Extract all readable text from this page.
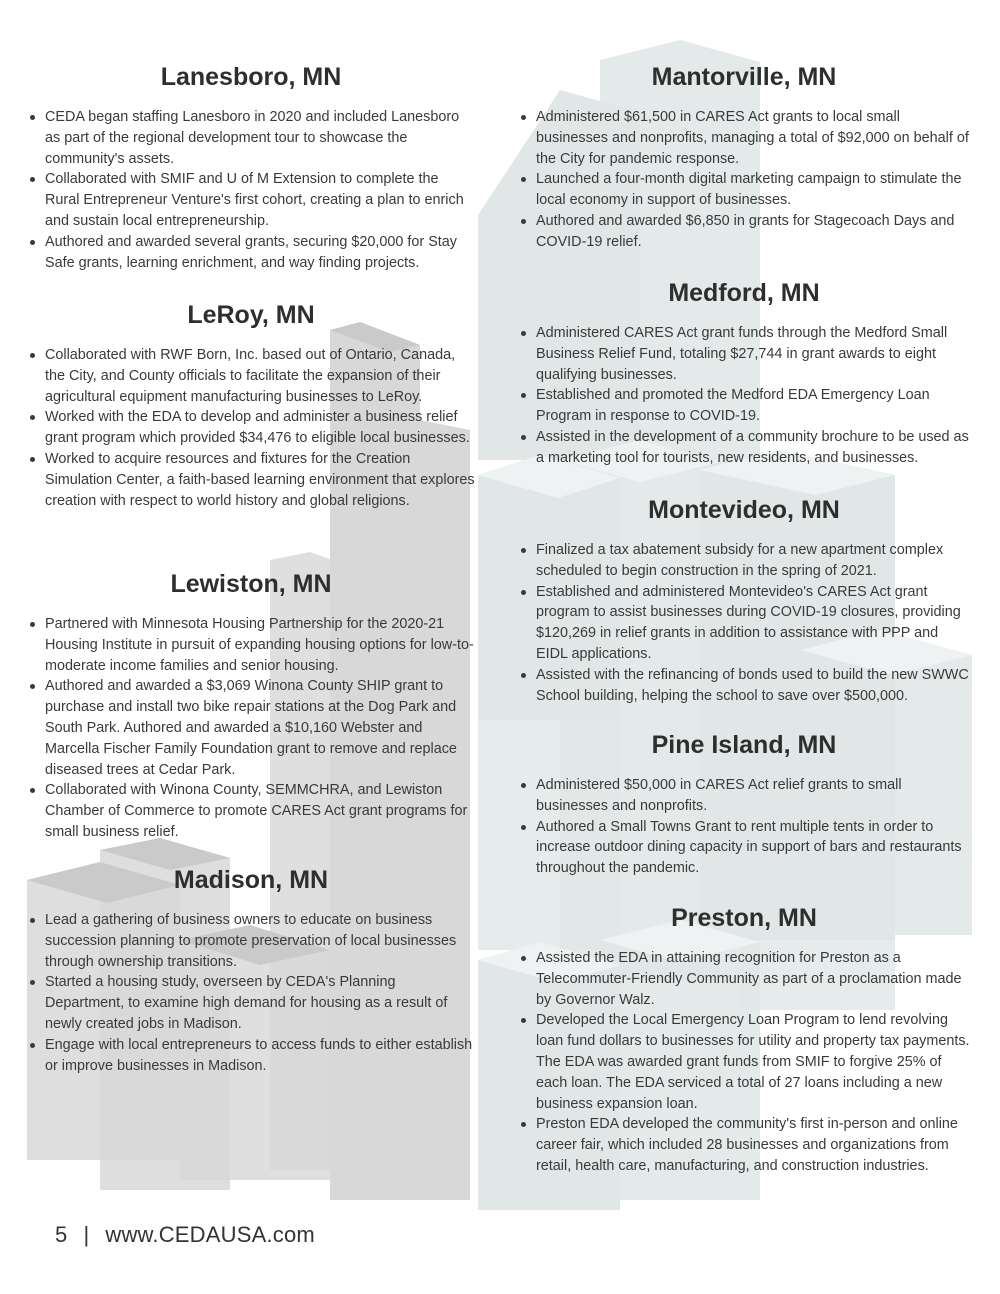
Lanesboro, MN
CEDA began staffing Lanesboro in 2020 and included Lanesboro as part of the regional development tour to showcase the community's assets.
Collaborated with SMIF and U of M Extension to complete the Rural Entrepreneur Venture's first cohort, creating a plan to enrich and sustain local entrepreneurship.
Authored and awarded several grants, securing $20,000 for Stay Safe grants, learning enrichment, and way finding projects.
LeRoy, MN
Collaborated with RWF Born, Inc. based out of Ontario, Canada, the City, and County officials to facilitate the expansion of their agricultural equipment manufacturing businesses to LeRoy.
Worked with the EDA to develop and administer a business relief grant program which provided $34,476 to eligible local businesses.
Worked to acquire resources and fixtures for the Creation Simulation Center, a faith-based learning environment that explores creation with respect to world history and global religions.
Lewiston, MN
Partnered with Minnesota Housing Partnership for the 2020-21 Housing Institute in pursuit of expanding housing options for low-to-moderate income families and senior housing.
Authored and awarded a $3,069 Winona County SHIP grant to purchase and install two bike repair stations at the Dog Park and South Park. Authored and awarded a $10,160 Webster and Marcella Fischer Family Foundation grant to remove and replace diseased trees at Cedar Park.
Collaborated with Winona County, SEMMCHRA, and Lewiston Chamber of Commerce to promote CARES Act grant programs for small business relief.
Madison, MN
Lead a gathering of business owners to educate on business succession planning to promote preservation of local businesses through ownership transitions.
Started a housing study, overseen by CEDA's Planning Department, to examine high demand for housing as a result of newly created jobs in Madison.
Engage with local entrepreneurs to access funds to either establish or improve businesses in Madison.
Mantorville, MN
Administered $61,500 in CARES Act grants to local small businesses and nonprofits, managing a total of $92,000 on behalf of the City for pandemic response.
Launched a four-month digital marketing campaign to stimulate the local economy in support of businesses.
Authored and awarded $6,850 in grants for Stagecoach Days and COVID-19 relief.
Medford, MN
Administered CARES Act grant funds through the Medford Small Business Relief Fund, totaling $27,744 in grant awards to eight qualifying businesses.
Established and promoted the Medford EDA Emergency Loan Program in response to COVID-19.
Assisted in the development of a community brochure to be used as a marketing tool for tourists, new residents, and businesses.
Montevideo, MN
Finalized a tax abatement subsidy for a new apartment complex scheduled to begin construction in the spring of 2021.
Established and administered Montevideo's CARES Act grant program to assist businesses during COVID-19 closures, providing $120,269 in relief grants in addition to assistance with PPP and EIDL applications.
Assisted with the refinancing of bonds used to build the new SWWC School building, helping the school to save over $500,000.
Pine Island, MN
Administered $50,000 in CARES Act relief grants to small businesses and nonprofits.
Authored a Small Towns Grant to rent multiple tents in order to increase outdoor dining capacity in support of bars and restaurants throughout the pandemic.
Preston, MN
Assisted the EDA in attaining recognition for Preston as a Telecommuter-Friendly Community as part of a proclamation made by Governor Walz.
Developed the Local Emergency Loan Program to lend revolving loan fund dollars to businesses for utility and property tax payments. The EDA was awarded grant funds from SMIF to forgive 25% of each loan. The EDA serviced a total of 27 loans including a new business expansion loan.
Preston EDA developed the community's first in-person and online career fair, which included 28 businesses and organizations from retail, health care, manufacturing, and construction industries.
5 | www.CEDAUSA.com
